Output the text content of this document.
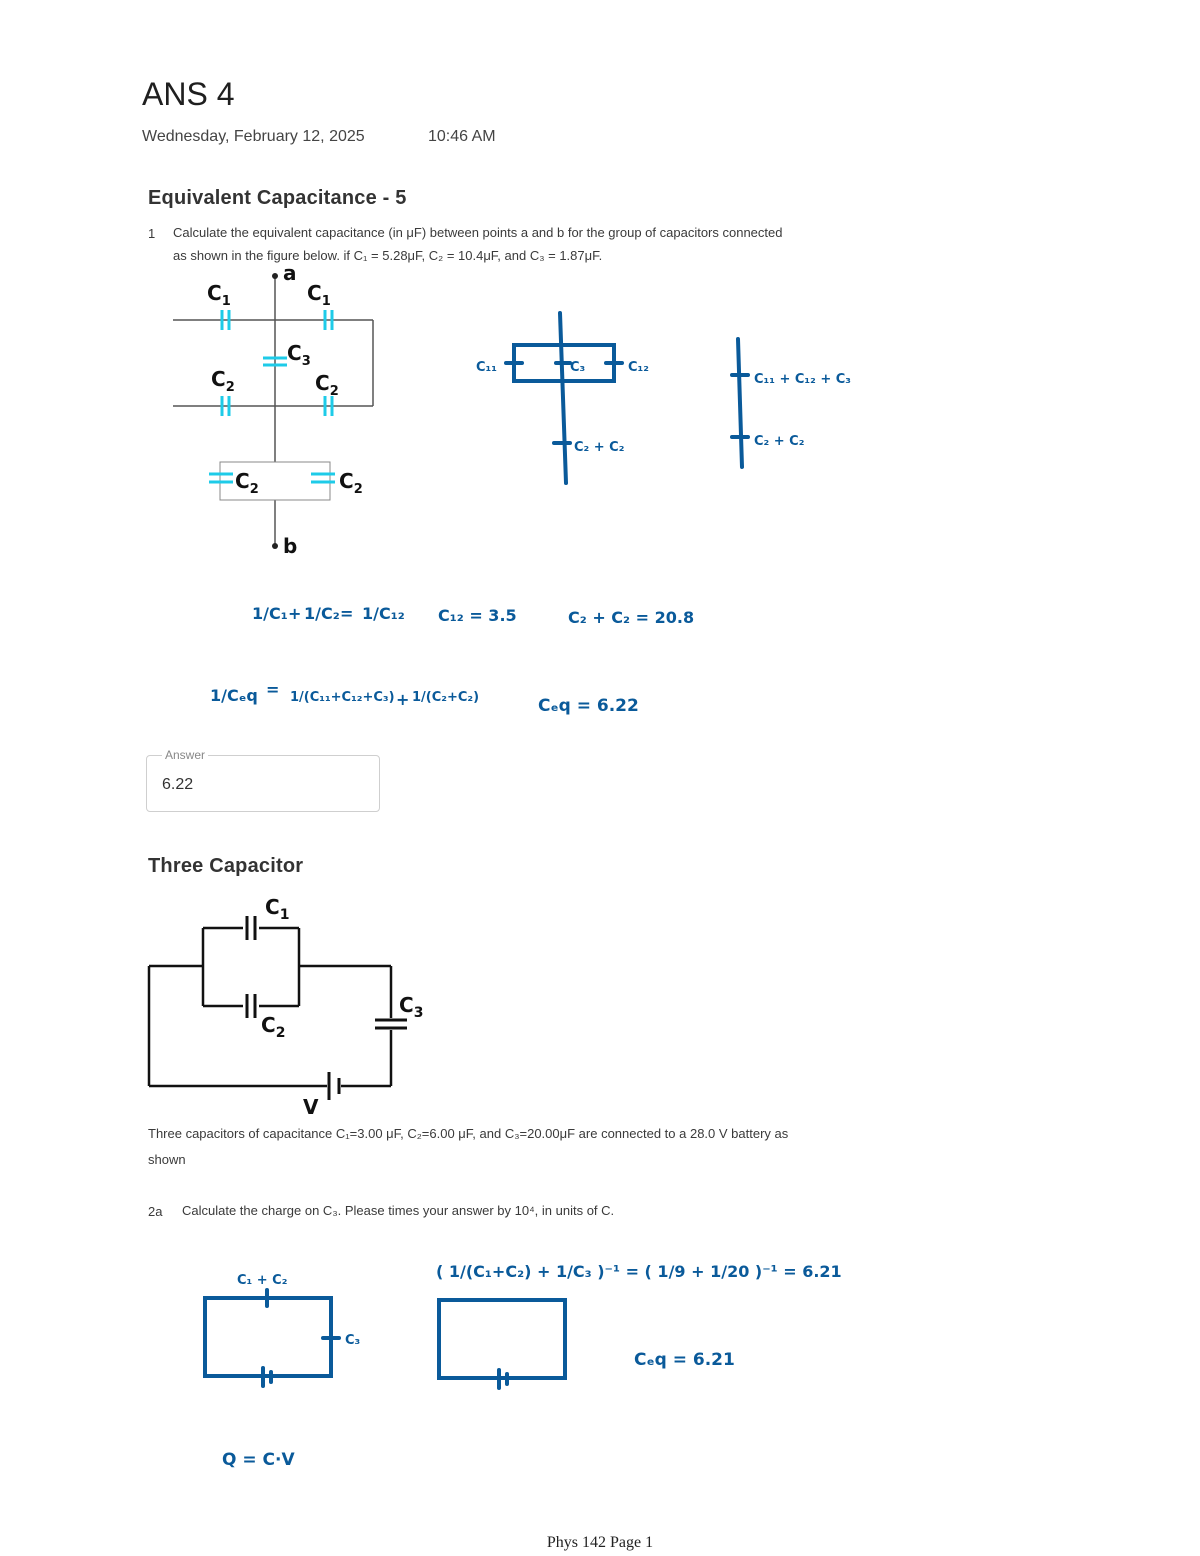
ANS 4
Wednesday, February 12, 2025	10:46 AM
Equivalent Capacitance - 5
1 Calculate the equivalent capacitance (in μF) between points a and b for the group of capacitors connected
as shown in the figure below. if C₁ = 5.28μF, C₂ = 10.4μF, and C₃ = 1.87μF.
a
b
$C_1$	$C_1$
$C_3$
$C_2$	$C_2$
$C_2$	$C_2$
C₁₁	C₃	C₁₂
C₂ + C₂
C₁₁ + C₁₂ + C₃
C₂ + C₂
1/C₁ + 1/C₂ = 1/C₁₂ C₁₂ = 3.5	C₂ + C₂ = 20.8
1/Cₑq = 1/(C₁₁+C₁₂+C₃) + 1/(C₂+C₂)	Cₑq = 6.22
Answer
6.22
Three Capacitor
$C_1$
$C_2$
$C_3$
V
Three capacitors of capacitance C₁=3.00 μF, C₂=6.00 μF, and C₃=20.00μF are connected to a 28.0 V battery as
shown
2a Calculate the charge on C₃. Please times your answer by 10⁴, in units of C.
C₁ + C₂
C₃
( 1/(C₁+C₂) + 1/C₃ )⁻¹ = ( 1/9 + 1/20 )⁻¹ = 6.21
Cₑq = 6.21
Q = C·V
Phys 142 Page 1
